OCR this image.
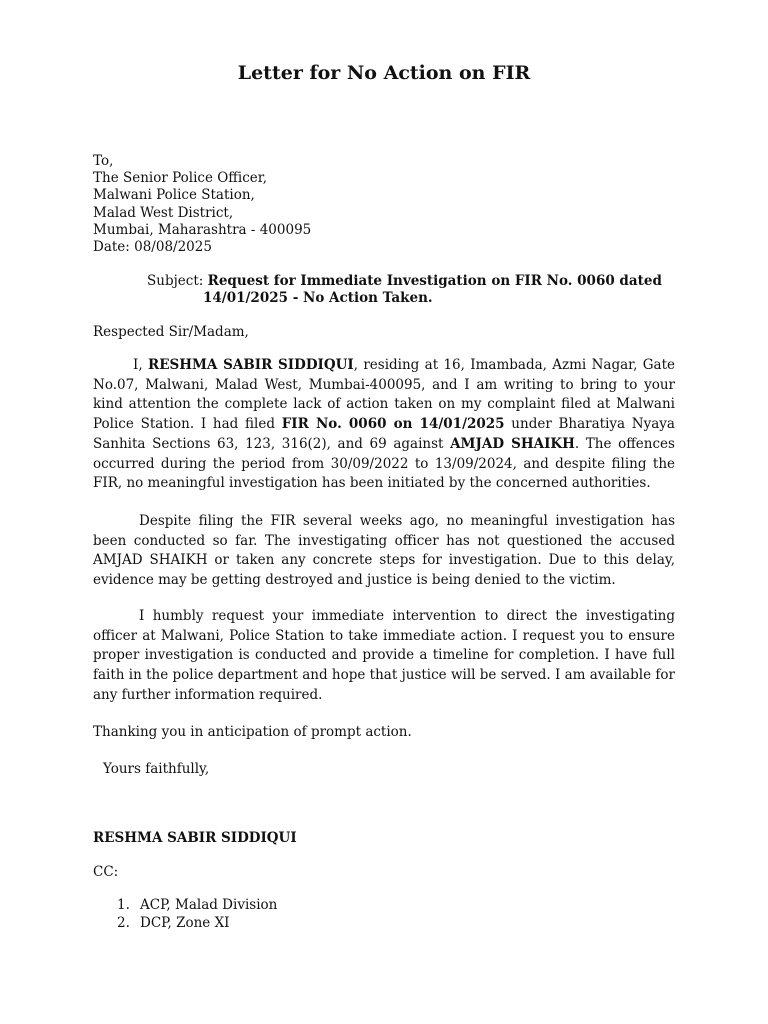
Letter for No Action on FIR
To,
The Senior Police Officer,
Malwani Police Station,
Malad West District,
Mumbai, Maharashtra - 400095
Date: 08/08/2025
Subject: Request for Immediate Investigation on FIR No. 0060 dated
14/01/2025 - No Action Taken.
Respected Sir/Madam,
I, RESHMA SABIR SIDDIQUI, residing at 16, Imambada, Azmi Nagar, Gate No.07, Malwani, Malad West, Mumbai-400095, and I am writing to bring to your kind attention the complete lack of action taken on my complaint filed at Malwani Police Station. I had filed FIR No. 0060 on 14/01/2025 under Bharatiya Nyaya Sanhita Sections 63, 123, 316(2), and 69 against AMJAD SHAIKH. The offences occurred during the period from 30/09/2022 to 13/09/2024, and despite filing the FIR, no meaningful investigation has been initiated by the concerned authorities.
Despite filing the FIR several weeks ago, no meaningful investigation has been conducted so far. The investigating officer has not questioned the accused AMJAD SHAIKH or taken any concrete steps for investigation. Due to this delay, evidence may be getting destroyed and justice is being denied to the victim.
I humbly request your immediate intervention to direct the investigating officer at Malwani, Police Station to take immediate action. I request you to ensure proper investigation is conducted and provide a timeline for completion. I have full faith in the police department and hope that justice will be served. I am available for any further information required.
Thanking you in anticipation of prompt action.
Yours faithfully,
RESHMA SABIR SIDDIQUI
CC:
1. ACP, Malad Division
2. DCP, Zone XI
